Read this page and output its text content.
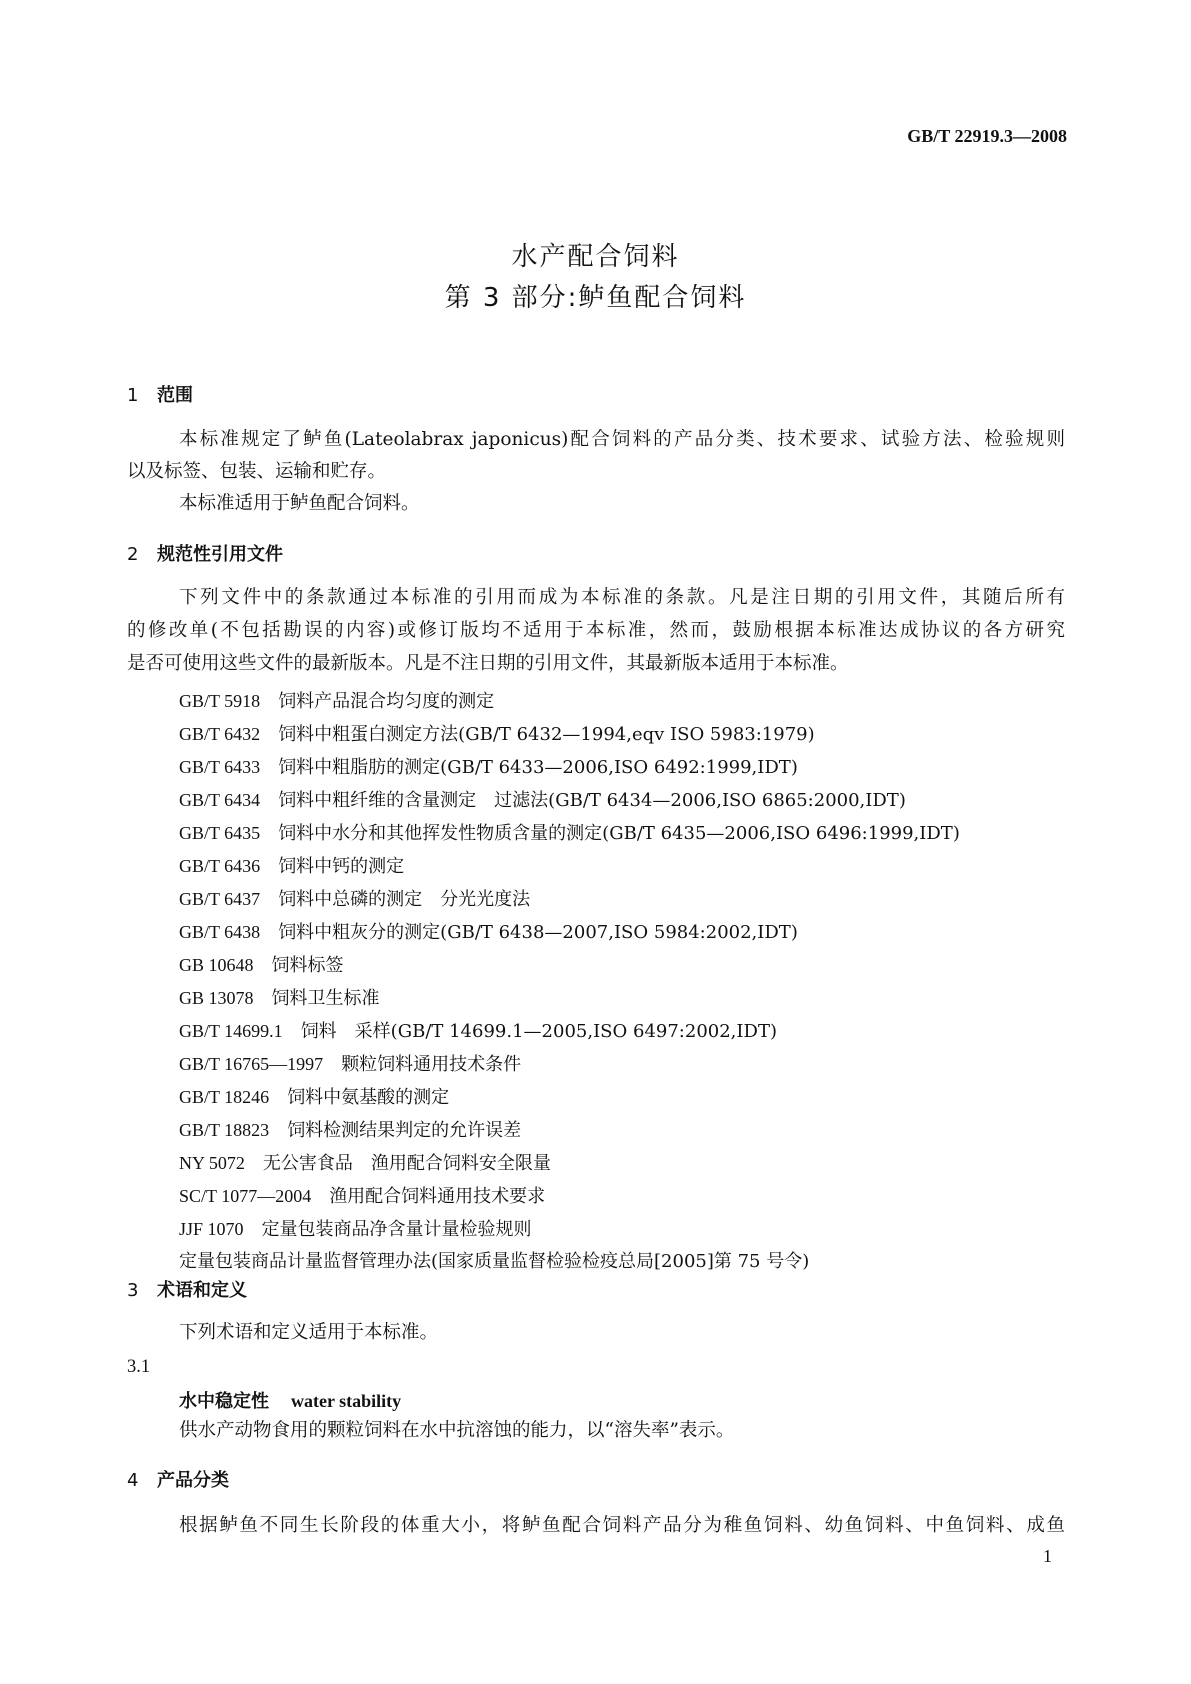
GB/T 22919.3—2008
水产配合饲料
第 3 部分:鲈鱼配合饲料
1 范围
本标准规定了鲈鱼(Lateolabrax japonicus)配合饲料的产品分类、技术要求、试验方法、检验规则
以及标签、包装、运输和贮存。
本标准适用于鲈鱼配合饲料。
2 规范性引用文件
下列文件中的条款通过本标准的引用而成为本标准的条款。凡是注日期的引用文件，其随后所有
的修改单(不包括勘误的内容)或修订版均不适用于本标准，然而，鼓励根据本标准达成协议的各方研究
是否可使用这些文件的最新版本。凡是不注日期的引用文件，其最新版本适用于本标准。
GB/T 5918 饲料产品混合均匀度的测定
GB/T 6432 饲料中粗蛋白测定方法(GB/T 6432—1994,eqv ISO 5983:1979)
GB/T 6433 饲料中粗脂肪的测定(GB/T 6433—2006,ISO 6492:1999,IDT)
GB/T 6434 饲料中粗纤维的含量测定　过滤法(GB/T 6434—2006,ISO 6865:2000,IDT)
GB/T 6435 饲料中水分和其他挥发性物质含量的测定(GB/T 6435—2006,ISO 6496:1999,IDT)
GB/T 6436 饲料中钙的测定
GB/T 6437 饲料中总磷的测定　分光光度法
GB/T 6438 饲料中粗灰分的测定(GB/T 6438—2007,ISO 5984:2002,IDT)
GB 10648 饲料标签
GB 13078 饲料卫生标准
GB/T 14699.1 饲料　采样(GB/T 14699.1—2005,ISO 6497:2002,IDT)
GB/T 16765—1997 颗粒饲料通用技术条件
GB/T 18246 饲料中氨基酸的测定
GB/T 18823 饲料检测结果判定的允许误差
NY 5072 无公害食品　渔用配合饲料安全限量
SC/T 1077—2004 渔用配合饲料通用技术要求
JJF 1070 定量包装商品净含量计量检验规则
定量包装商品计量监督管理办法(国家质量监督检验检疫总局[2005]第 75 号令)
3 术语和定义
下列术语和定义适用于本标准。
3.1
水中稳定性 water stability
供水产动物食用的颗粒饲料在水中抗溶蚀的能力，以“溶失率”表示。
4 产品分类
根据鲈鱼不同生长阶段的体重大小，将鲈鱼配合饲料产品分为稚鱼饲料、幼鱼饲料、中鱼饲料、成鱼
1
